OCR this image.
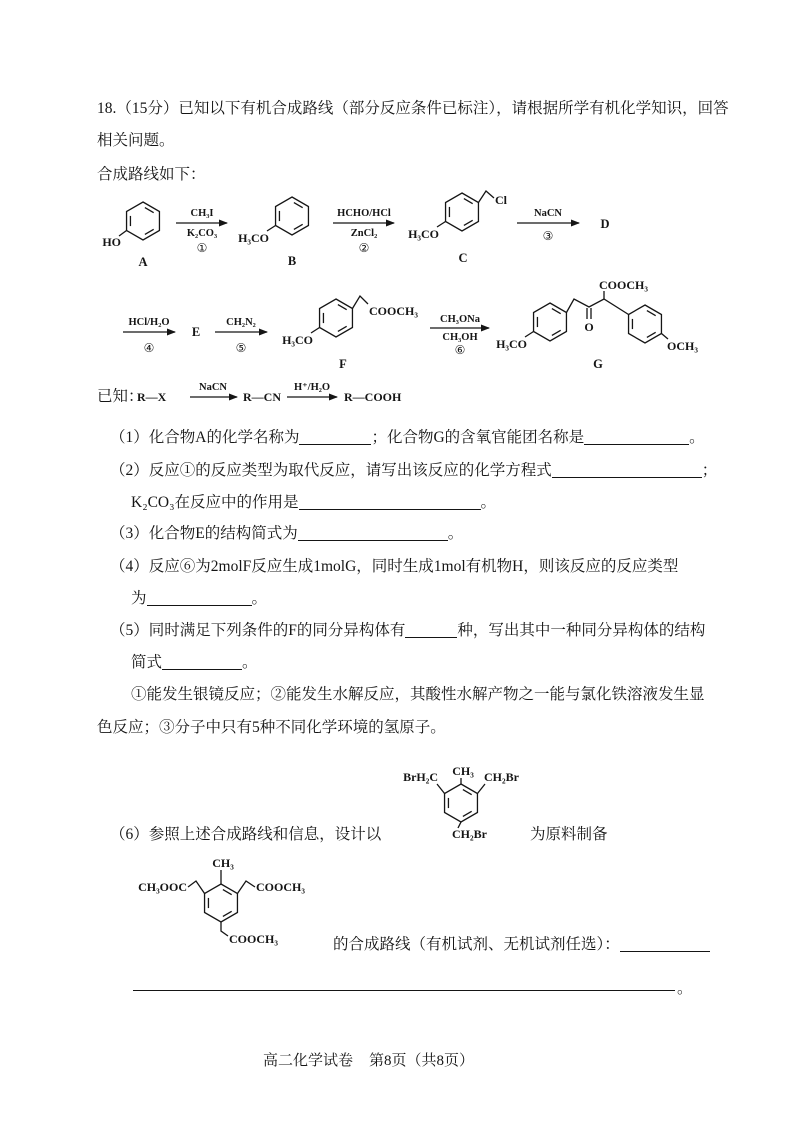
HO
A
CH₃I
K₂CO₃
①
H₃CO
B
HCHO/HCl
ZnCl₂
②
H₃CO
Cl
C
NaCN
③
D
HCl/H₂O
④
E
CH₂N₂
⑤
H₃CO
COOCH₃
F
CH₃ONa
CH₃OH
⑥	H₃CO
O
COOCH₃
OCH₃
G
R—X
NaCN
R—CN
H⁺/H₂O
R—COOH
CH₃
BrH₂C	CH₂Br
CH₂Br
CH₃
CH₃OOC	COOCH₃
COOCH₃
18.（15分）已知以下有机合成路线（部分反应条件已标注），请根据所学有机化学知识，回答
相关问题。
合成路线如下：
已知：
（1）化合物A的化学名称为	；化合物G的含氧官能团名称是	。
（2）反应①的反应类型为取代反应，请写出该反应的化学方程式	；
K₂CO₃在反应中的作用是	。
（3）化合物E的结构简式为	。
（4）反应⑥为2molF反应生成1molG，同时生成1mol有机物H，则该反应的反应类型
为	。
（5）同时满足下列条件的F的同分异构体有	种，写出其中一种同分异构体的结构
简式	。
①能发生银镜反应；②能发生水解反应，其酸性水解产物之一能与氯化铁溶液发生显
色反应；③分子中只有5种不同化学环境的氢原子。
（6）参照上述合成路线和信息，设计以	为原料制备
的合成路线（有机试剂、无机试剂任选）：
。
高二化学试卷 第8页（共8页）
